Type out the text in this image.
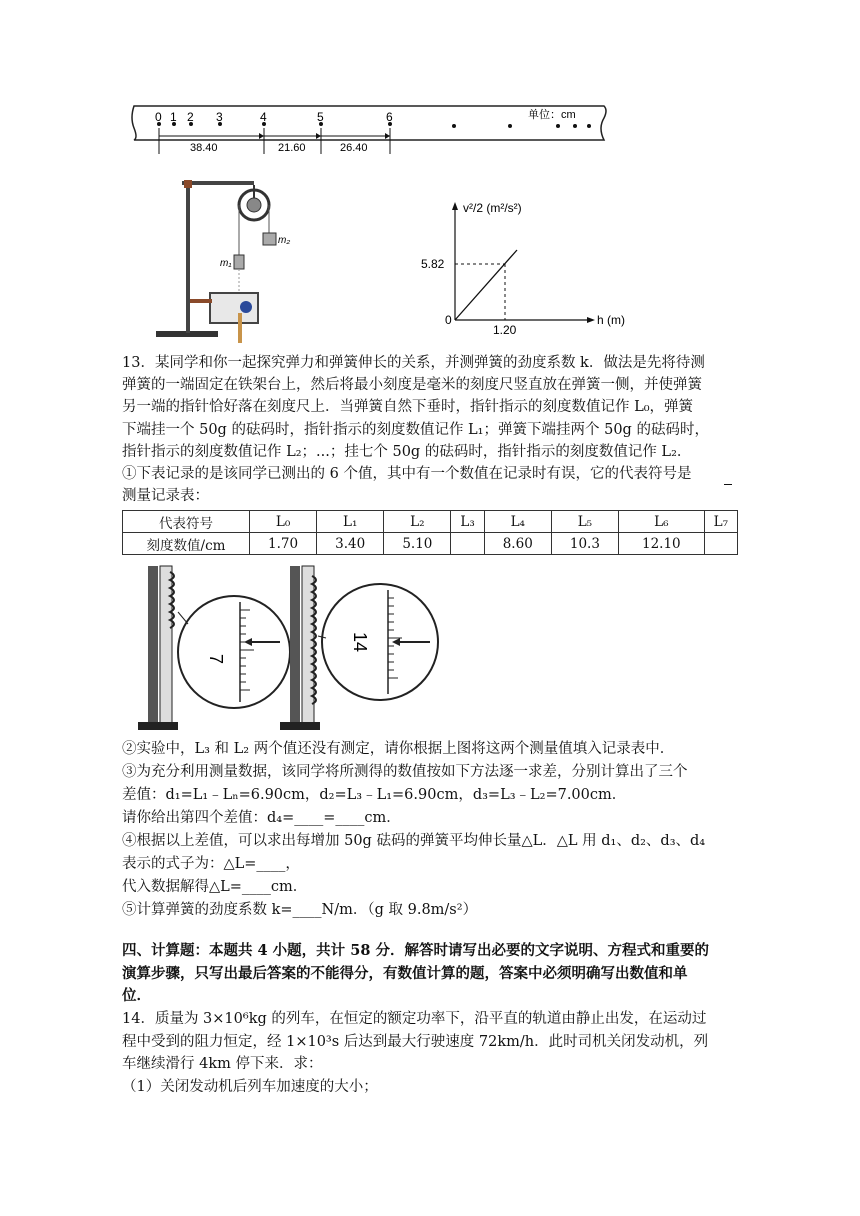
0 1 2 3	4	5	6	单位：cm
38.40	21.60	26.40
m₂
m₁
v²/2 (m²/s²)
h (m)
5.82
1.20
0
13．某同学和你一起探究弹力和弹簧伸长的关系，并测弹簧的劲度系数 k．做法是先将待测
弹簧的一端固定在铁架台上，然后将最小刻度是毫米的刻度尺竖直放在弹簧一侧，并使弹簧
另一端的指针恰好落在刻度尺上．当弹簧自然下垂时，指针指示的刻度数值记作 L₀，弹簧
下端挂一个 50g 的砝码时，指针指示的刻度数值记作 L₁；弹簧下端挂两个 50g 的砝码时，
指针指示的刻度数值记作 L₂；...；挂七个 50g 的砝码时，指针指示的刻度数值记作 L₂．
①下表记录的是该同学已测出的 6 个值，其中有一个数值在记录时有误，它的代表符号是
测量记录表：
代表符号	L₀	L₁	L₂	L₃	L₄	L₅	L₆	L₇
刻度数值/cm	1.70	3.40	5.10		8.60	10.3	12.10	
7
14
②实验中，L₃ 和 L₂ 两个值还没有测定，请你根据上图将这两个测量值填入记录表中．
③为充分利用测量数据，该同学将所测得的数值按如下方法逐一求差，分别计算出了三个
差值：d₁=L₁﹣Lₙ=6.90cm，d₂=L₃﹣L₁=6.90cm，d₃=L₃﹣L₂=7.00cm．
请你给出第四个差值：d₄=____=____cm．
④根据以上差值，可以求出每增加 50g 砝码的弹簧平均伸长量△L．△L 用 d₁、d₂、d₃、d₄
表示的式子为：△L=____，
代入数据解得△L=____cm．
⑤计算弹簧的劲度系数 k=____N/m．（g 取 9.8m/s²）
四、计算题：本题共 4 小题，共计 58 分．解答时请写出必要的文字说明、方程式和重要的
演算步骤，只写出最后答案的不能得分，有数值计算的题，答案中必须明确写出数值和单
位．
14．质量为 3×10⁶kg 的列车，在恒定的额定功率下，沿平直的轨道由静止出发，在运动过
程中受到的阻力恒定，经 1×10³s 后达到最大行驶速度 72km/h．此时司机关闭发动机，列
车继续滑行 4km 停下来．求：
（1）关闭发动机后列车加速度的大小；
